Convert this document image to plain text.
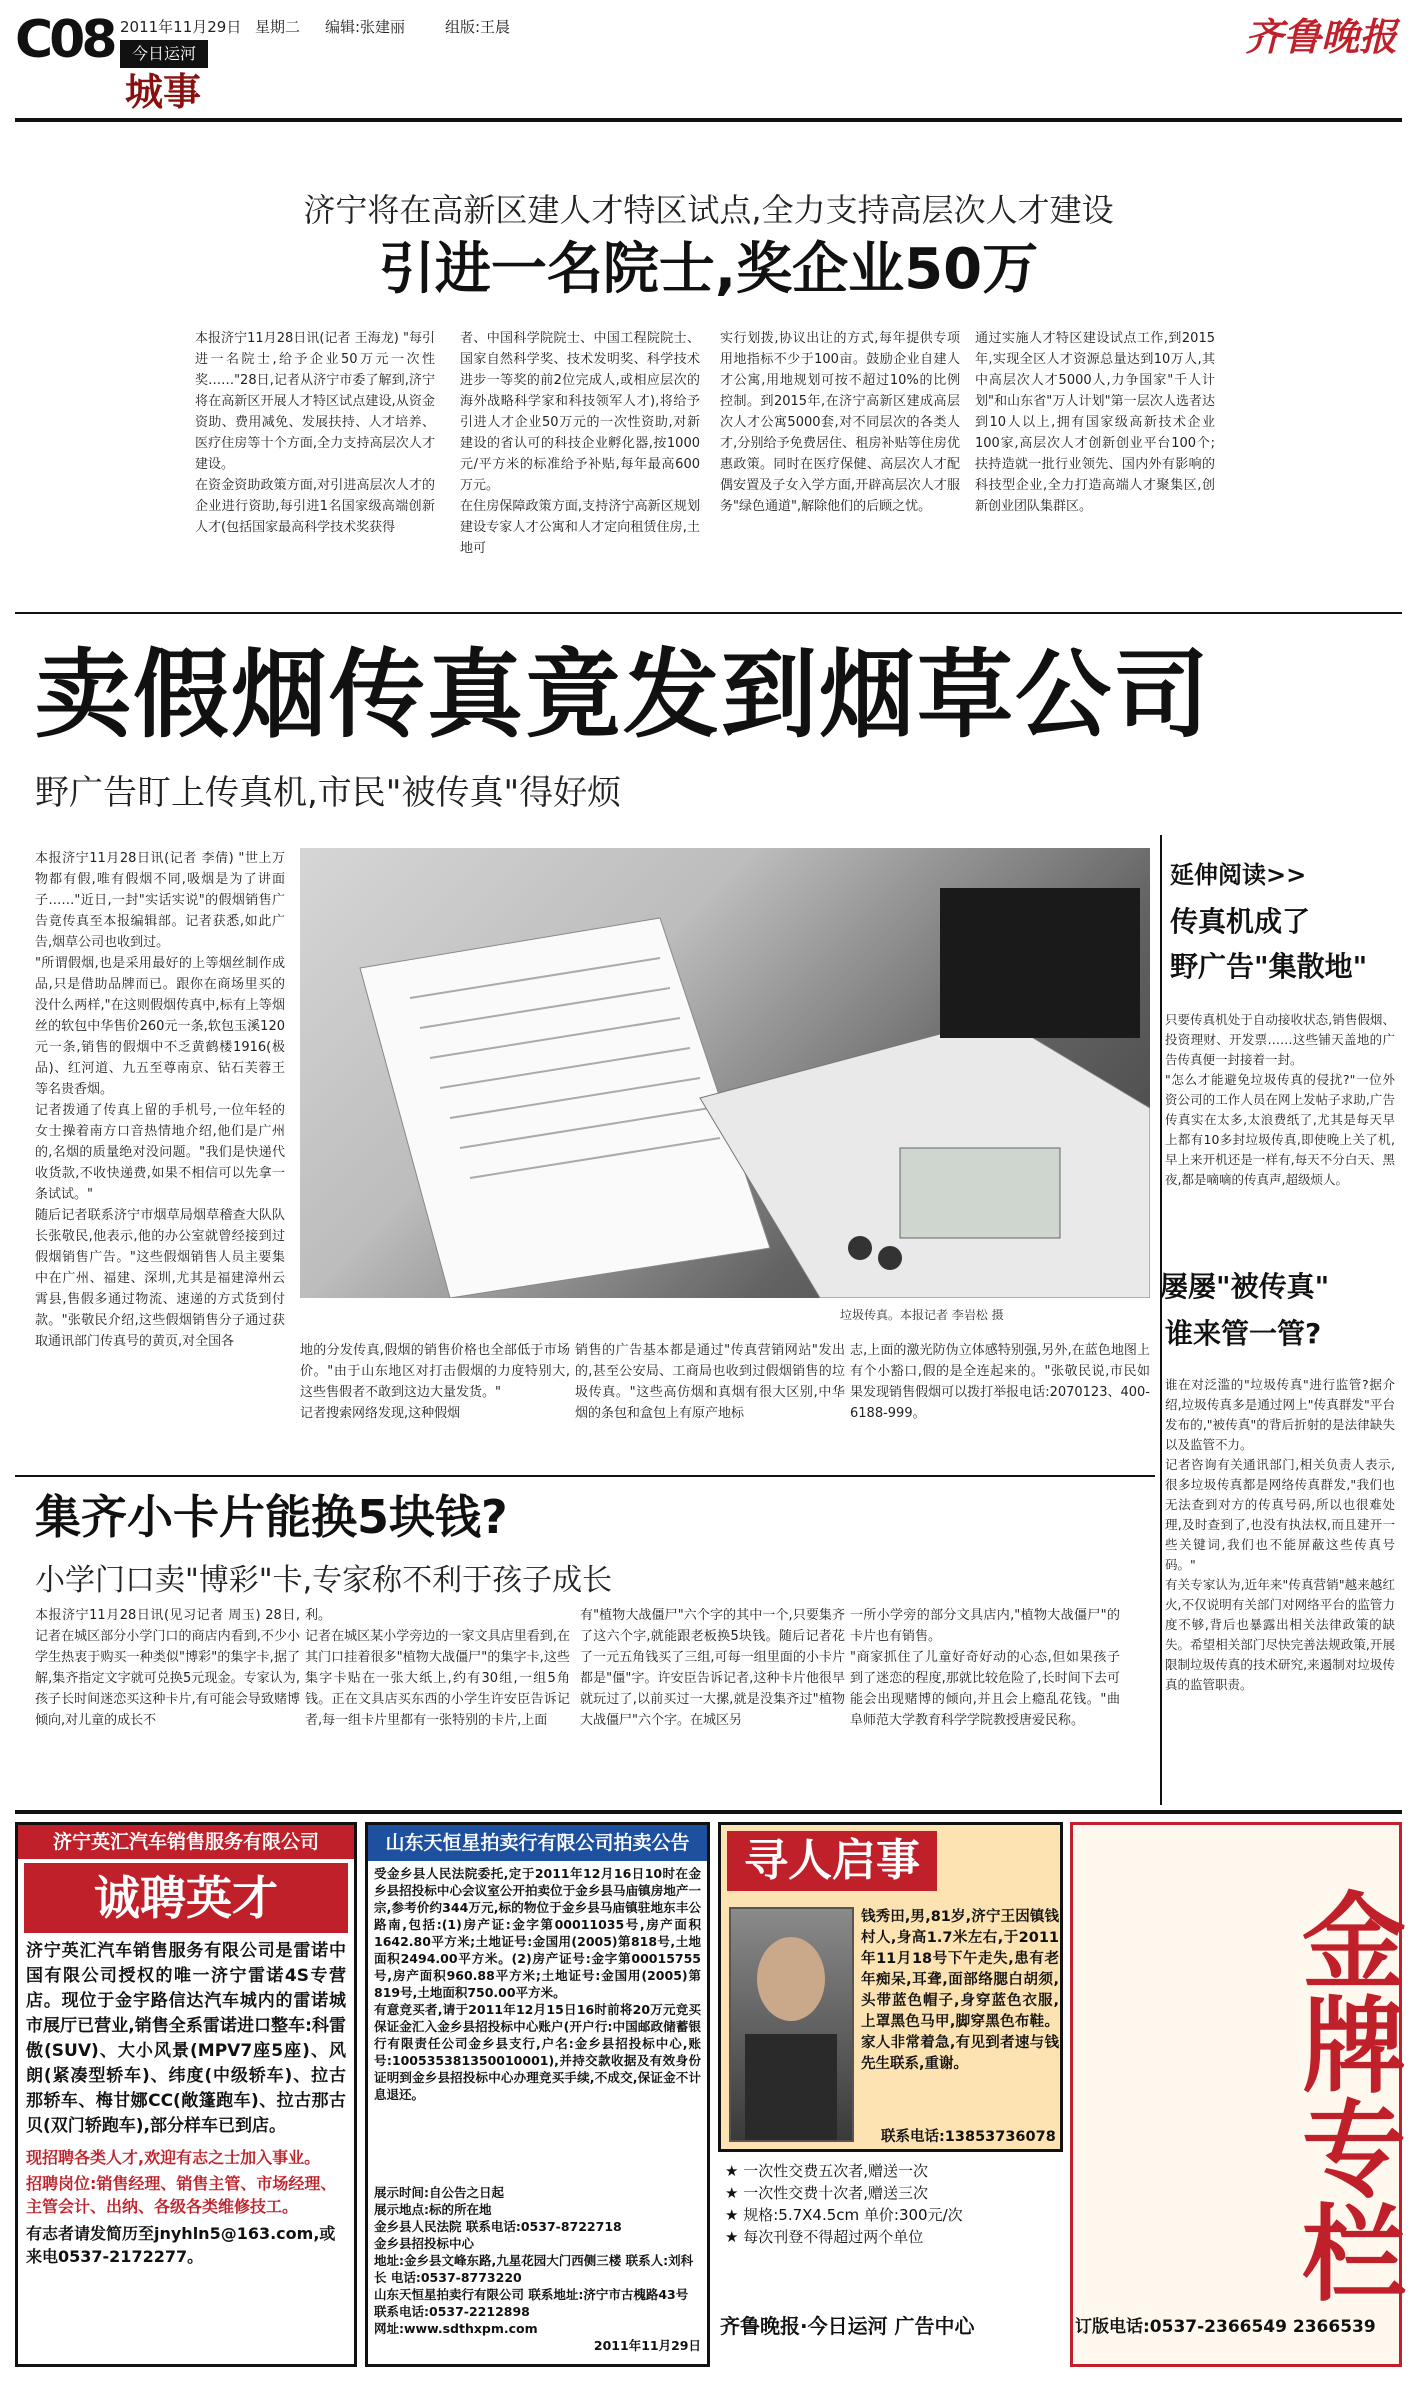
C08 2011年11月29日 星期二 编辑:张建丽	组版:王晨
今日运河
城事
齐鲁晚报
济宁将在高新区建人才特区试点,全力支持高层次人才建设
引进一名院士,奖企业50万
本报济宁11月28日讯(记者 王海龙) "每引进一名院士,给予企业50万元一次性奖……"28日,记者从济宁市委了解到,济宁将在高新区开展人才特区试点建设,从资金资助、费用减免、发展扶持、人才培养、医疗住房等十个方面,全力支持高层次人才建设。
在资金资助政策方面,对引进高层次人才的企业进行资助,每引进1名国家级高端创新人才(包括国家最高科学技术奖获得
者、中国科学院院士、中国工程院院士、国家自然科学奖、技术发明奖、科学技术进步一等奖的前2位完成人,或相应层次的海外战略科学家和科技领军人才),将给予引进人才企业50万元的一次性资助,对新建设的省认可的科技企业孵化器,按1000元/平方米的标准给予补贴,每年最高600万元。
在住房保障政策方面,支持济宁高新区规划建设专家人才公寓和人才定向租赁住房,土地可
实行划拨,协议出让的方式,每年提供专项用地指标不少于100亩。鼓励企业自建人才公寓,用地规划可按不超过10%的比例控制。到2015年,在济宁高新区建成高层次人才公寓5000套,对不同层次的各类人才,分别给予免费居住、租房补贴等住房优惠政策。同时在医疗保健、高层次人才配偶安置及子女入学方面,开辟高层次人才服务"绿色通道",解除他们的后顾之忧。
通过实施人才特区建设试点工作,到2015年,实现全区人才资源总量达到10万人,其中高层次人才5000人,力争国家"千人计划"和山东省"万人计划"第一层次人选者达到10人以上,拥有国家级高新技术企业100家,高层次人才创新创业平台100个;扶持造就一批行业领先、国内外有影响的科技型企业,全力打造高端人才聚集区,创新创业团队集群区。
卖假烟传真竟发到烟草公司
野广告盯上传真机,市民"被传真"得好烦
本报济宁11月28日讯(记者 李倩) "世上万物都有假,唯有假烟不同,吸烟是为了讲面子……"近日,一封"实话实说"的假烟销售广告竟传真至本报编辑部。记者获悉,如此广告,烟草公司也收到过。
"所谓假烟,也是采用最好的上等烟丝制作成品,只是借助品牌而已。跟你在商场里买的没什么两样,"在这则假烟传真中,标有上等烟丝的软包中华售价260元一条,软包玉溪120元一条,销售的假烟中不乏黄鹤楼1916(极品)、红河道、九五至尊南京、钻石芙蓉王等名贵香烟。
记者拨通了传真上留的手机号,一位年轻的女士操着南方口音热情地介绍,他们是广州的,名烟的质量绝对没问题。"我们是快递代收货款,不收快递费,如果不相信可以先拿一条试试。"
随后记者联系济宁市烟草局烟草稽查大队队长张敬民,他表示,他的办公室就曾经接到过假烟销售广告。"这些假烟销售人员主要集中在广州、福建、深圳,尤其是福建漳州云霄县,售假多通过物流、速递的方式货到付款。"张敬民介绍,这些假烟销售分子通过获取通讯部门传真号的黄页,对全国各
垃圾传真。本报记者 李岩松 摄
地的分发传真,假烟的销售价格也全部低于市场价。"由于山东地区对打击假烟的力度特别大,这些售假者不敢到这边大量发货。"
记者搜索网络发现,这种假烟
销售的广告基本都是通过"传真营销网站"发出的,甚至公安局、工商局也收到过假烟销售的垃圾传真。"这些高仿烟和真烟有很大区别,中华烟的条包和盒包上有原产地标
志,上面的激光防伪立体感特别强,另外,在蓝色地图上有个小豁口,假的是全连起来的。"张敬民说,市民如果发现销售假烟可以拨打举报电话:2070123、400-6188-999。
延伸阅读>>
传真机成了
野广告"集散地"
只要传真机处于自动接收状态,销售假烟、投资理财、开发票……这些铺天盖地的广告传真便一封接着一封。
"怎么才能避免垃圾传真的侵扰?"一位外资公司的工作人员在网上发帖子求助,广告传真实在太多,太浪费纸了,尤其是每天早上都有10多封垃圾传真,即使晚上关了机,早上来开机还是一样有,每天不分白天、黑夜,都是嘀嘀的传真声,超级烦人。
屡屡"被传真"
谁来管一管?
谁在对泛滥的"垃圾传真"进行监管?据介绍,垃圾传真多是通过网上"传真群发"平台发布的,"被传真"的背后折射的是法律缺失以及监管不力。
记者咨询有关通讯部门,相关负责人表示,很多垃圾传真都是网络传真群发,"我们也无法查到对方的传真号码,所以也很难处理,及时查到了,也没有执法权,而且建开一些关键词,我们也不能屏蔽这些传真号码。"
有关专家认为,近年来"传真营销"越来越红火,不仅说明有关部门对网络平台的监管力度不够,背后也暴露出相关法律政策的缺失。希望相关部门尽快完善法规政策,开展限制垃圾传真的技术研究,来遏制对垃圾传真的监管职责。
集齐小卡片能换5块钱?
小学门口卖"博彩"卡,专家称不利于孩子成长
本报济宁11月28日讯(见习记者 周玉) 28日,记者在城区部分小学门口的商店内看到,不少小学生热衷于购买一种类似"博彩"的集字卡,据了解,集齐指定文字就可兑换5元现金。专家认为,孩子长时间迷恋买这种卡片,有可能会导致赌博倾向,对儿童的成长不
利。
记者在城区某小学旁边的一家文具店里看到,在其门口挂着很多"植物大战僵尸"的集字卡,这些集字卡贴在一张大纸上,约有30组,一组5角钱。正在文具店买东西的小学生许安臣告诉记者,每一组卡片里都有一张特别的卡片,上面
有"植物大战僵尸"六个字的其中一个,只要集齐了这六个字,就能跟老板换5块钱。随后记者花了一元五角钱买了三组,可每一组里面的小卡片都是"僵"字。许安臣告诉记者,这种卡片他很早就玩过了,以前买过一大摞,就是没集齐过"植物大战僵尸"六个字。在城区另
一所小学旁的部分文具店内,"植物大战僵尸"的卡片也有销售。
"商家抓住了儿童好奇好动的心态,但如果孩子到了迷恋的程度,那就比较危险了,长时间下去可能会出现赌博的倾向,并且会上瘾乱花钱。"曲阜师范大学教育科学学院教授唐爱民称。
济宁英汇汽车销售服务有限公司
诚聘英才
济宁英汇汽车销售服务有限公司是雷诺中国有限公司授权的唯一济宁雷诺4S专营店。现位于金宇路信达汽车城内的雷诺城市展厅已营业,销售全系雷诺进口整车:科雷傲(SUV)、大小风景(MPV7座5座)、风朗(紧凑型轿车)、纬度(中级轿车)、拉古那轿车、梅甘娜CC(敞篷跑车)、拉古那古贝(双门轿跑车),部分样车已到店。
现招聘各类人才,欢迎有志之士加入事业。
招聘岗位:销售经理、销售主管、市场经理、主管会计、出纳、各级各类维修技工。
有志者请发简历至jnyhln5@163.com,或来电0537-2172277。
山东天恒星拍卖行有限公司拍卖公告
受金乡县人民法院委托,定于2011年12月16日10时在金乡县招投标中心会议室公开拍卖位于金乡县马庙镇房地产一宗,参考价约344万元,标的物位于金乡县马庙镇驻地东丰公路南,包括:(1)房产证:金字第00011035号,房产面积1642.80平方米;土地证号:金国用(2005)第818号,土地面积2494.00平方米。(2)房产证号:金字第00015755号,房产面积960.88平方米;土地证号:金国用(2005)第819号,土地面积750.00平方米。
有意竞买者,请于2011年12月15日16时前将20万元竞买保证金汇入金乡县招投标中心账户(开户行:中国邮政储蓄银行有限责任公司金乡县支行,户名:金乡县招投标中心,账号:100535381350010001),并持交款收据及有效身份证明到金乡县招投标中心办理竞买手续,不成交,保证金不计息退还。
展示时间:自公告之日起
展示地点:标的所在地
金乡县人民法院 联系电话:0537-8722718
金乡县招投标中心
地址:金乡县文峰东路,九星花园大门西侧三楼 联系人:刘科长 电话:0537-8773220
山东天恒星拍卖行有限公司 联系地址:济宁市古槐路43号 联系电话:0537-2212898
网址:www.sdthxpm.com
2011年11月29日
寻人启事
钱秀田,男,81岁,济宁王因镇钱村人,身高1.7米左右,于2011年11月18号下午走失,患有老年痴呆,耳聋,面部络腮白胡须,头带蓝色帽子,身穿蓝色衣服,上罩黑色马甲,脚穿黑色布鞋。家人非常着急,有见到者速与钱先生联系,重谢。
联系电话:13853736078	金牌专栏
★ 一次性交费五次者,赠送一次
★ 一次性交费十次者,赠送三次
★ 规格:5.7X4.5cm 单价:300元/次
★ 每次刊登不得超过两个单位
齐鲁晚报·今日运河 广告中心	订版电话:0537-2366549 2366539
